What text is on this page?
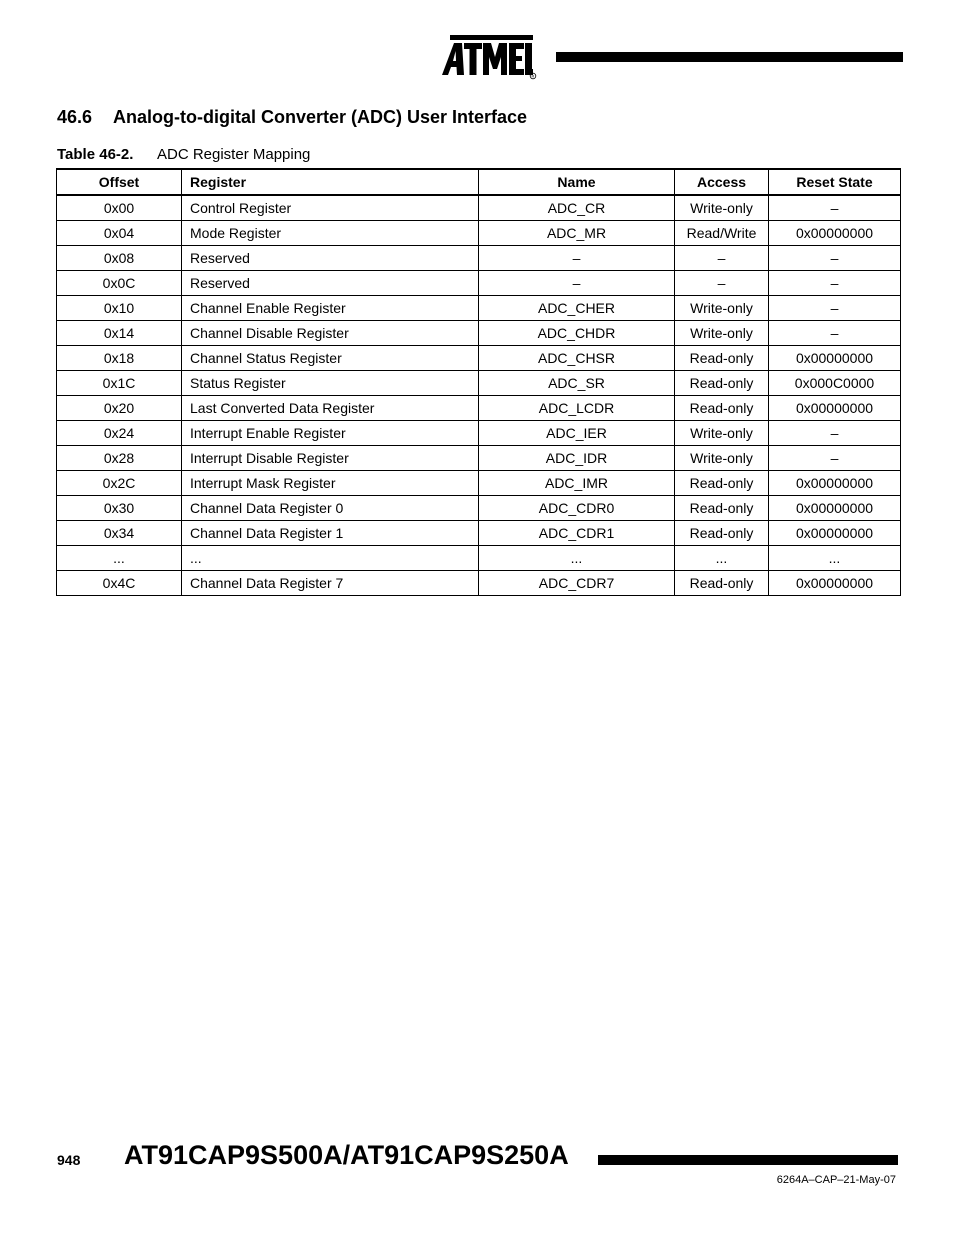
R
46.6 Analog-to-digital Converter (ADC) User Interface
Table 46-2. ADC Register Mapping
Offset	Register	Name	Access	Reset State
0x00	Control Register	ADC_CR	Write-only	–
0x04	Mode Register	ADC_MR	Read/Write	0x00000000
0x08	Reserved	–	–	–
0x0C	Reserved	–	–	–
0x10	Channel Enable Register	ADC_CHER	Write-only	–
0x14	Channel Disable Register	ADC_CHDR	Write-only	–
0x18	Channel Status Register	ADC_CHSR	Read-only	0x00000000
0x1C	Status Register	ADC_SR	Read-only	0x000C0000
0x20	Last Converted Data Register	ADC_LCDR	Read-only	0x00000000
0x24	Interrupt Enable Register	ADC_IER	Write-only	–
0x28	Interrupt Disable Register	ADC_IDR	Write-only	–
0x2C	Interrupt Mask Register	ADC_IMR	Read-only	0x00000000
0x30	Channel Data Register 0	ADC_CDR0	Read-only	0x00000000
0x34	Channel Data Register 1	ADC_CDR1	Read-only	0x00000000
...	...	...	...	...
0x4C	Channel Data Register 7	ADC_CDR7	Read-only	0x00000000
948 AT91CAP9S500A/AT91CAP9S250A
6264A–CAP–21-May-07
